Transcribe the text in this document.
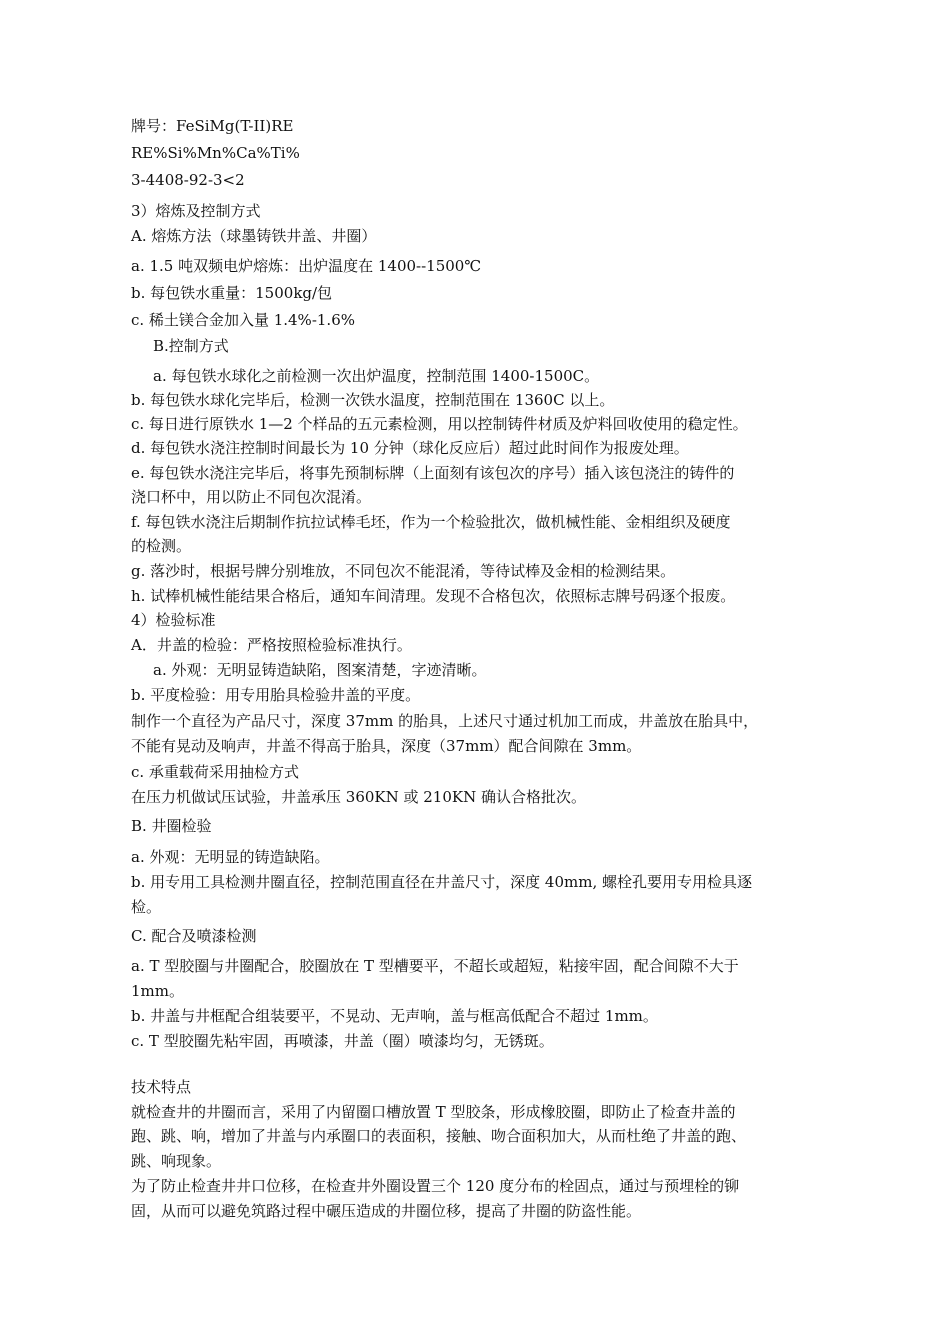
牌号：FeSiMg(T-II)RE
RE%Si%Mn%Ca%Ti%
3-4408-92-3<2
3）熔炼及控制方式
A. 熔炼方法（球墨铸铁井盖、井圈）
a. 1.5 吨双频电炉熔炼：出炉温度在 1400--1500℃
b. 每包铁水重量：1500kg/包
c. 稀土镁合金加入量 1.4%-1.6%
B.控制方式
a. 每包铁水球化之前检测一次出炉温度，控制范围 1400-1500C。
b. 每包铁水球化完毕后，检测一次铁水温度，控制范围在 1360C 以上。
c. 每日进行原铁水 1—2 个样品的五元素检测，用以控制铸件材质及炉料回收使用的稳定性。
d. 每包铁水浇注控制时间最长为 10 分钟（球化反应后）超过此时间作为报废处理。
e. 每包铁水浇注完毕后，将事先预制标牌（上面刻有该包次的序号）插入该包浇注的铸件的
浇口杯中，用以防止不同包次混淆。
f. 每包铁水浇注后期制作抗拉试棒毛坯，作为一个检验批次，做机械性能、金相组织及硬度
的检测。
g. 落沙时，根据号牌分别堆放，不同包次不能混淆，等待试棒及金相的检测结果。
h. 试棒机械性能结果合格后，通知车间清理。发现不合格包次，依照标志牌号码逐个报废。
4）检验标准
A．井盖的检验：严格按照检验标准执行。
a. 外观：无明显铸造缺陷，图案清楚，字迹清晰。
b. 平度检验：用专用胎具检验井盖的平度。
制作一个直径为产品尺寸，深度 37mm 的胎具，上述尺寸通过机加工而成，井盖放在胎具中，
不能有晃动及响声，井盖不得高于胎具，深度（37mm）配合间隙在 3mm。
c. 承重载荷采用抽检方式
在压力机做试压试验，井盖承压 360KN 或 210KN 确认合格批次。
B. 井圈检验
a. 外观：无明显的铸造缺陷。
b. 用专用工具检测井圈直径，控制范围直径在井盖尺寸，深度 40mm, 螺栓孔要用专用检具逐
检。
C. 配合及喷漆检测
a. T 型胶圈与井圈配合，胶圈放在 T 型槽要平，不超长或超短，粘接牢固，配合间隙不大于
1mm。
b. 井盖与井框配合组装要平，不晃动、无声响，盖与框高低配合不超过 1mm。
c. T 型胶圈先粘牢固，再喷漆，井盖（圈）喷漆均匀，无锈斑。
技术特点
就检查井的井圈而言，采用了内留圈口槽放置 T 型胶条，形成橡胶圈，即防止了检查井盖的
跑、跳、响，增加了井盖与内承圈口的表面积，接触、吻合面积加大，从而杜绝了井盖的跑、
跳、响现象。
为了防止检查井井口位移，在检查井外圈设置三个 120 度分布的栓固点，通过与预埋栓的铆
固，从而可以避免筑路过程中碾压造成的井圈位移，提高了井圈的防盗性能。
